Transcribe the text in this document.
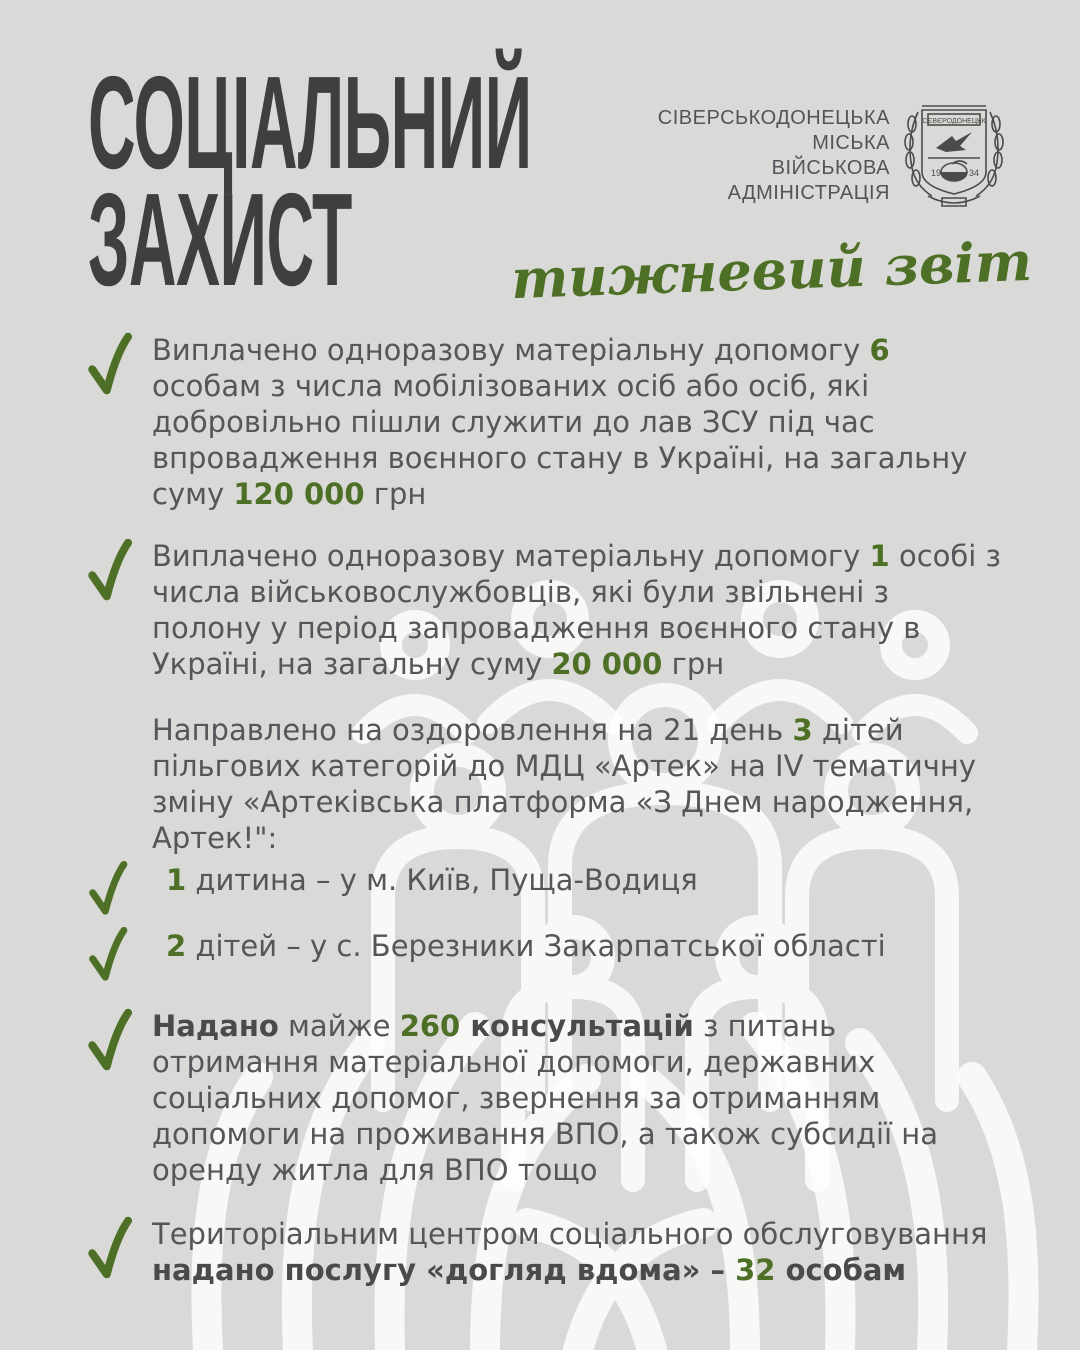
СОЦІАЛЬНИЙ
ЗАХИСТ
СІВЕРСЬКОДОНЕЦЬКА
МІСЬКА
ВІЙСЬКОВА
АДМІНІСТРАЦІЯ
СЄВЄРОДОНЕЦЬК
19	34
тижневий звіт

Виплачено одноразову матеріальну допомогу 6 особам з числа мобілізованих осіб або осіб, які добровільно пішли служити до лав ЗСУ під час впровадження воєнного стану в Україні, на загальну суму 120 000 грн

Виплачено одноразову матеріальну допомогу 1 особі з числа військовослужбовців, які були звільнені з полону у період запровадження воєнного стану в Україні, на загальну суму 20 000 грн

Направлено на оздоровлення на 21 день 3 дітей пільгових категорій до МДЦ «Артек» на IV тематичну зміну «Артеківська платформа «З Днем народження, Артек!":

1 дитина – у м. Київ, Пуща-Водиця

2 дітей – у с. Березники Закарпатської області

Надано майже 260 консультацій з питань отримання матеріальної допомоги, державних соціальних допомог, звернення за отриманням допомоги на проживання ВПО, а також субсидії на оренду житла для ВПО тощо

Територіальним центром соціального обслуговування надано послугу «догляд вдома» – 32 особам
